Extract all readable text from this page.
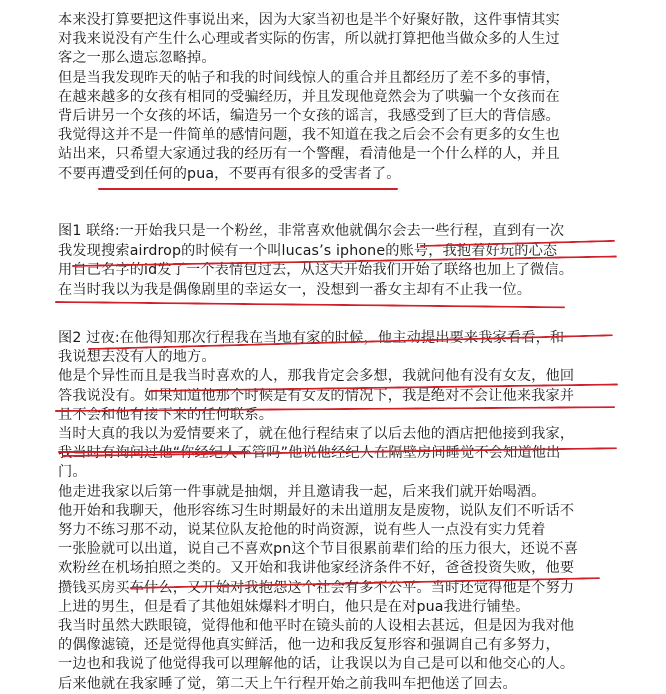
本来没打算要把这件事说出来，因为大家当初也是半个好聚好散，这件事情其实
对我来说没有产生什么心理或者实际的伤害，所以就打算把他当做众多的人生过
客之一那么遗忘忽略掉。
但是当我发现昨天的帖子和我的时间线惊人的重合并且都经历了差不多的事情，
在越来越多的女孩有相同的受骗经历，并且发现他竟然会为了哄骗一个女孩而在
背后讲另一个女孩的坏话，编造另一个女孩的谣言，我感受到了巨大的背信感。
我觉得这并不是一件简单的感情问题，我不知道在我之后会不会有更多的女生也
站出来，只希望大家通过我的经历有一个警醒，看清他是一个什么样的人，并且
不要再遭受到任何的pua，不要再有很多的受害者了。
图1 联络:一开始我只是一个粉丝，非常喜欢他就偶尔会去一些行程，直到有一次
我发现搜索airdrop的时候有一个叫lucas’s iphone的账号，我抱着好玩的心态
用自己名字的id发了一个表情包过去，从这天开始我们开始了联络也加上了微信。
在当时我以为我是偶像剧里的幸运女一，没想到一番女主却有不止我一位。
图2 过夜:在他得知那次行程我在当地有家的时候，他主动提出要来我家看看，和
我说想去没有人的地方。
他是个异性而且是我当时喜欢的人，那我肯定会多想，我就问他有没有女友，他回
答我说没有。如果知道他那个时候是有女友的情况下，我是绝对不会让他来我家并
且不会和他有接下来的任何联系。
当时大真的我以为爱情要来了，就在他行程结束了以后去他的酒店把他接到我家，
我当时有询问过他“你经纪人不管吗”他说他经纪人在隔壁房间睡觉不会知道他出
门。
他走进我家以后第一件事就是抽烟，并且邀请我一起，后来我们就开始喝酒。
他开始和我聊天，他形容练习生时期最好的未出道朋友是废物，说队友们不听话不
努力不练习那不动，说某位队友抢他的时尚资源，说有些人一点没有实力凭着
一张脸就可以出道，说自己不喜欢pn这个节目很累前辈们给的压力很大，还说不喜
欢粉丝在机场拍照之类的。又开始和我讲他家经济条件不好，爸爸投资失败，他要
攒钱买房买车什么，又开始对我抱怨这个社会有多不公平。当时还觉得他是个努力
上进的男生，但是看了其他姐妹爆料才明白，他只是在对pua我进行铺垫。
我当时虽然大跌眼镜，觉得他和他平时在镜头前的人设相去甚远，但是因为我对他
的偶像滤镜，还是觉得他真实鲜活，他一边和我反复形容和强调自己有多努力，
一边也和我说了他觉得我可以理解他的话，让我误以为自己是可以和他交心的人。
后来他就在我家睡了觉，第二天上午行程开始之前我叫车把他送了回去。
